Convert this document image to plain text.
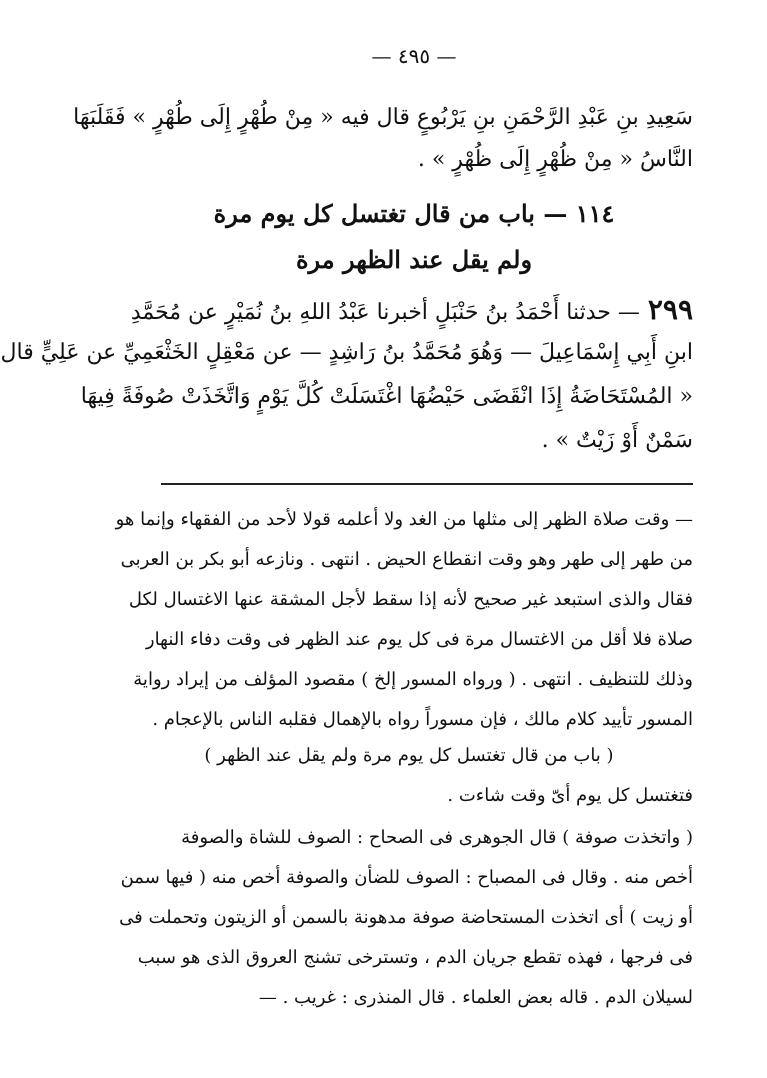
— ٤٩٥ —
سَعِيدِ بنِ عَبْدِ الرَّحْمَنِ بنِ يَرْبُوعٍ قال فيه « مِنْ طُهْرٍ إِلَى طُهْرٍ » فَقَلَبَهَا
النَّاسُ « مِنْ ظُهْرٍ إِلَى ظُهْرٍ » .
١١٤ — باب من قال تغتسل كل يوم مرة
ولم يقل عند الظهر مرة
٢٩٩— حدثنا أَحْمَدُ بنُ حَنْبَلٍ أخبرنا عَبْدُ اللهِ بنُ نُمَيْرٍ عن مُحَمَّدِ
ابنِ أَبِي إِسْمَاعِيلَ — وَهُوَ مُحَمَّدُ بنُ رَاشِدٍ — عن مَعْقِلٍ الخَثْعَمِيِّ عن عَلِيٍّ قال
« المُسْتَحَاضَةُ إِذَا انْقَضَى حَيْضُهَا اغْتَسَلَتْ كُلَّ يَوْمٍ وَاتَّخَذَتْ صُوفَةً فِيهَا
سَمْنٌ أَوْ زَيْتٌ » .
— وقت صلاة الظهر إلى مثلها من الغد ولا أعلمه قولا لأحد من الفقهاء وإنما هو
من طهر إلى طهر وهو وقت انقطاع الحيض . انتهى . ونازعه أبو بكر بن العربى
فقال والذى استبعد غير صحيح لأنه إذا سقط لأجل المشقة عنها الاغتسال لكل
صلاة فلا أقل من الاغتسال مرة فى كل يوم عند الظهر فى وقت دفاء النهار
وذلك للتنظيف . انتهى . ( ورواه المسور إلخ ) مقصود المؤلف من إيراد رواية
المسور تأييد كلام مالك ، فإن مسوراً رواه بالإهمال فقلبه الناس بالإعجام .
( باب من قال تغتسل كل يوم مرة ولم يقل عند الظهر )
فتغتسل كل يوم أىّ وقت شاءت .
( واتخذت صوفة ) قال الجوهرى فى الصحاح : الصوف للشاة والصوفة
أخص منه . وقال فى المصباح : الصوف للضأن والصوفة أخص منه ( فيها سمن
أو زيت ) أى اتخذت المستحاضة صوفة مدهونة بالسمن أو الزيتون وتحملت فى
فى فرجها ، فهذه تقطع جريان الدم ، وتسترخى تشنج العروق الذى هو سبب
لسيلان الدم . قاله بعض العلماء . قال المنذرى : غريب . —
